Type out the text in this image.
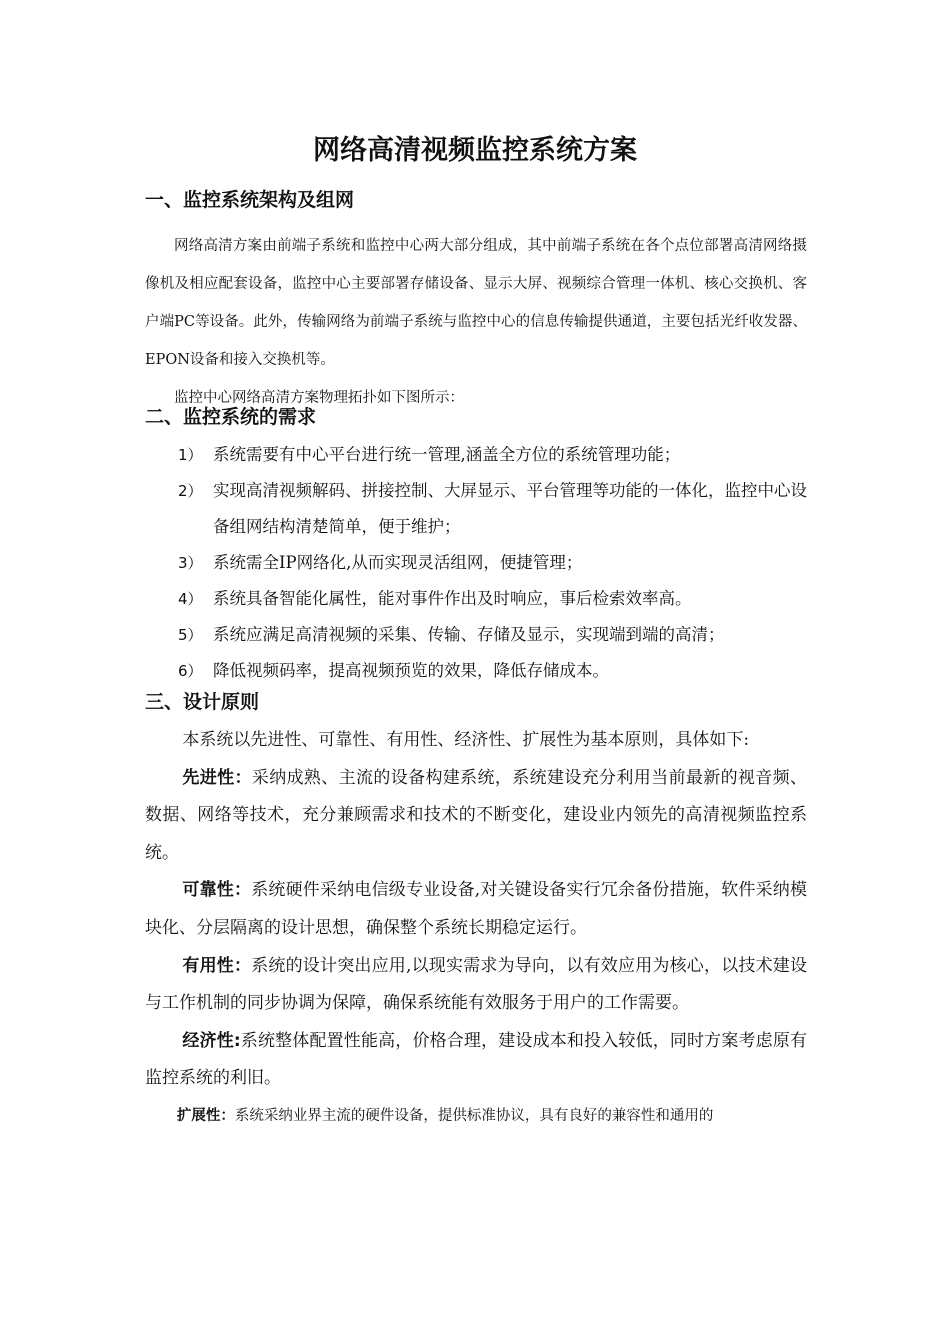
网络高清视频监控系统方案
一、监控系统架构及组网

网络高清方案由前端子系统和监控中心两大部分组成，其中前端子系统在各个点位部署高清网络摄像机及相应配套设备，监控中心主要部署存储设备、显示大屏、视频综合管理一体机、核心交换机、客户端PC等设备。此外，传输网络为前端子系统与监控中心的信息传输提供通道，主要包括光纤收发器、EPON设备和接入交换机等。

监控中心网络高清方案物理拓扑如下图所示：

二、监控系统的需求
1） 系统需要有中心平台进行统一管理,涵盖全方位的系统管理功能；
2） 实现高清视频解码、拼接控制、大屏显示、平台管理等功能的一体化，监控中心设备组网结构清楚简单，便于维护；
3） 系统需全IP网络化,从而实现灵活组网，便捷管理；
4） 系统具备智能化属性，能对事件作出及时响应，事后检索效率高。
5） 系统应满足高清视频的采集、传输、存储及显示，实现端到端的高清；
6） 降低视频码率，提高视频预览的效果，降低存储成本。
三、设计原则

本系统以先进性、可靠性、有用性、经济性、扩展性为基本原则，具体如下:

先进性：采纳成熟、主流的设备构建系统，系统建设充分利用当前最新的视音频、数据、网络等技术，充分兼顾需求和技术的不断变化，建设业内领先的高清视频监控系统。

可靠性：系统硬件采纳电信级专业设备,对关键设备实行冗余备份措施，软件采纳模块化、分层隔离的设计思想，确保整个系统长期稳定运行。

有用性：系统的设计突出应用,以现实需求为导向，以有效应用为核心，以技术建设与工作机制的同步协调为保障，确保系统能有效服务于用户的工作需要。

经济性:系统整体配置性能高，价格合理，建设成本和投入较低，同时方案考虑原有监控系统的利旧。

扩展性：系统采纳业界主流的硬件设备，提供标准协议，具有良好的兼容性和通用的
